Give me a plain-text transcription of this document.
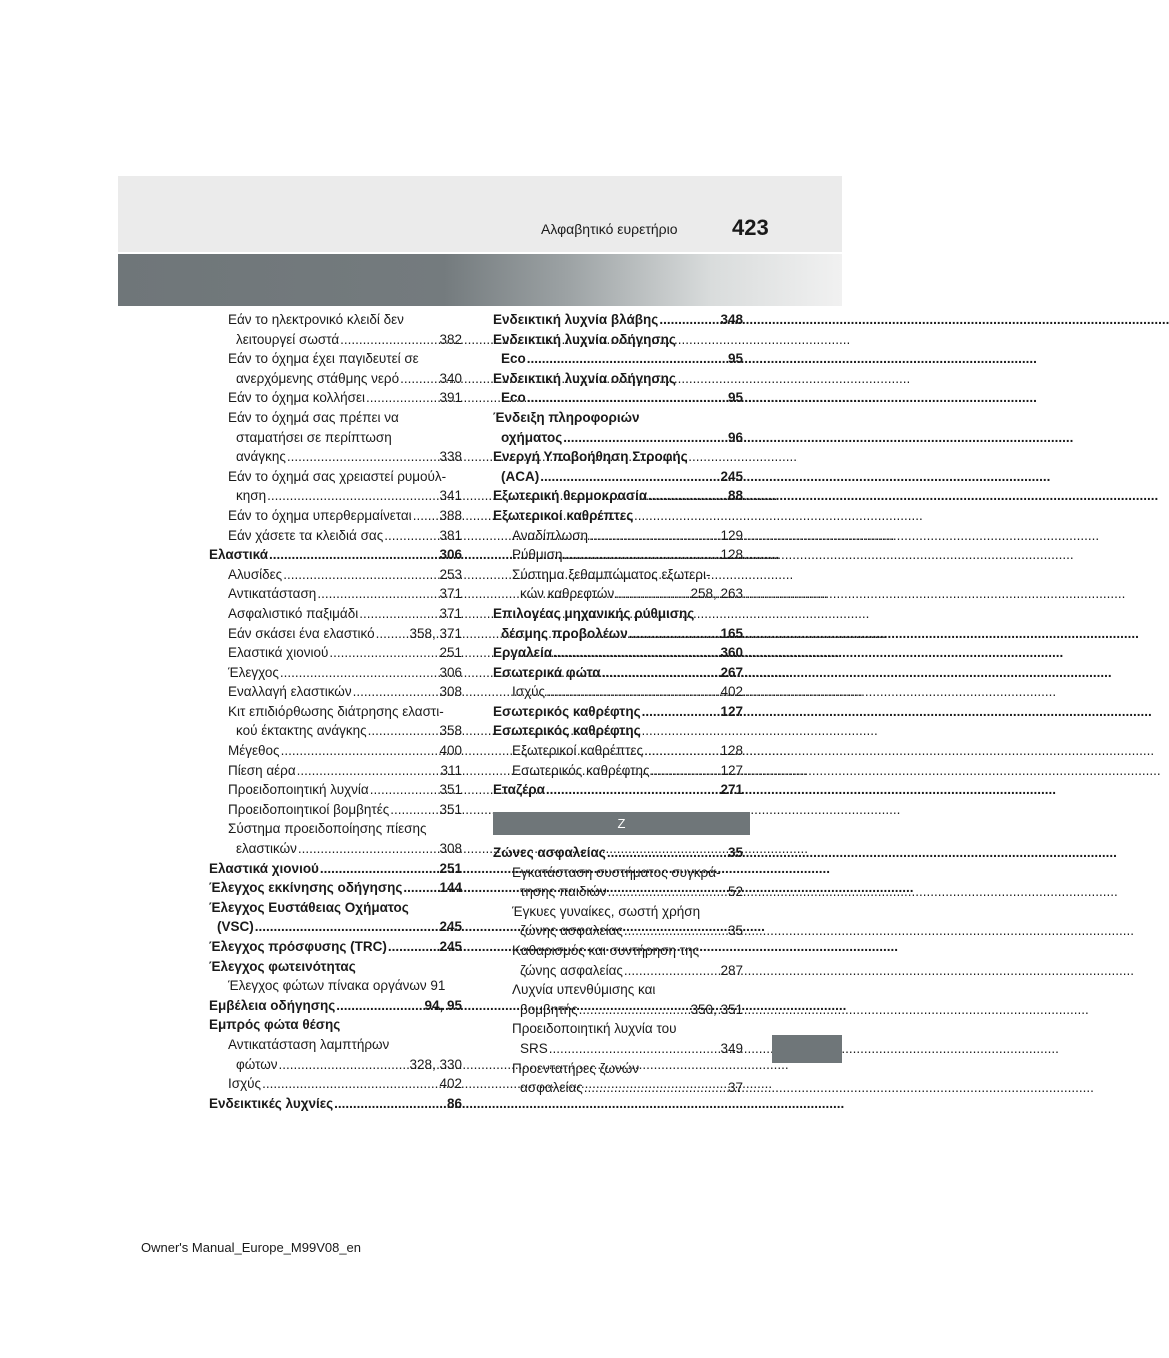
Αλφαβητικό ευρετήριο 423
Εάν το ηλεκτρονικό κλειδί δεν
λειτουργεί σωστά .....	382
Εάν το όχημα έχει παγιδευτεί σε
ανερχόμενης στάθμης νερό .....	340
Εάν το όχημα κολλήσει .....	391
Εάν το όχημά σας πρέπει να
σταματήσει σε περίπτωση
ανάγκης .....	338
Εάν το όχημά σας χρειαστεί ρυμούλ-
κηση .....	341
Εάν το όχημα υπερθερμαίνεται ..... 388
Εάν χάσετε τα κλειδιά σας .....	381
Ελαστικά .....	306
Αλυσίδες .....	253
Αντικατάσταση .....	371
Ασφαλιστικό παξιμάδι .....	371
Εάν σκάσει ένα ελαστικό .....	358, 371
Ελαστικά χιονιού .....	251
Έλεγχος .....	306
Εναλλαγή ελαστικών .....	308
Κιτ επιδιόρθωσης διάτρησης ελαστι-
κού έκτακτης ανάγκης .....	358
Μέγεθος .....	400
Πίεση αέρα .....	311
Προειδοποιητική λυχνία .....	351
Προειδοποιητικοί βομβητές .....	351
Σύστημα προειδοποίησης πίεσης
ελαστικών .....	308
Ελαστικά χιονιού .....	251
Έλεγχος εκκίνησης οδήγησης .....	144
Έλεγχος Ευστάθειας Οχήματος
(VSC) .....	245
Έλεγχος πρόσφυσης (TRC) .....	245
Έλεγχος φωτεινότητας
Έλεγχος φώτων πίνακα οργάνων 91
Εμβέλεια οδήγησης .....	94, 95
Εμπρός φώτα θέσης
Αντικατάσταση λαμπτήρων
φώτων .....	328, 330
Ισχύς .....	402
Ενδεικτικές λυχνίες .....	86
Ενδεικτική λυχνία βλάβης .....	348
Ενδεικτική λυχνία οδήγησης
Eco .....	95
Ενδεικτική λυχνία οδήγησης
Eco .....	95
Ένδειξη πληροφοριών
οχήματος .....	96
Ενεργή Υποβοήθηση Στροφής
(ACA) .....	245
Εξωτερική θερμοκρασία .....	88
Εξωτερικοί καθρέπτες
Αναδίπλωση .....	129
Ρύθμιση .....	128
Σύστημα ξεθαμπώματος εξωτερι-
κών καθρεφτών .....	258, 263
Επιλογέας μηχανικής ρύθμισης
δέσμης προβολέων .....	165
Εργαλεία .....	360
Εσωτερικά φώτα .....	267
Ισχύς .....	402
Εσωτερικός καθρέφτης .....	127
Εσωτερικός καθρέφτης
Εξωτερικοί καθρέπτες .....	128
Εσωτερικός καθρέφτης .....	127
Εταζέρα .....	271
Z
Ζώνες ασφαλείας .....	35
Εγκατάσταση συστήματος συγκρά-
τησης παιδιών .....	52
Έγκυες γυναίκες, σωστή χρήση
ζώνης ασφαλείας .....	35
Καθαρισμός και συντήρηση της
ζώνης ασφαλείας .....	287
Λυχνία υπενθύμισης και
βομβητής .....	350, 351
Προειδοποιητική λυχνία του
SRS .....	349
Προεντατήρες ζωνών
ασφαλείας .....	37
Owner's Manual_Europe_M99V08_en
